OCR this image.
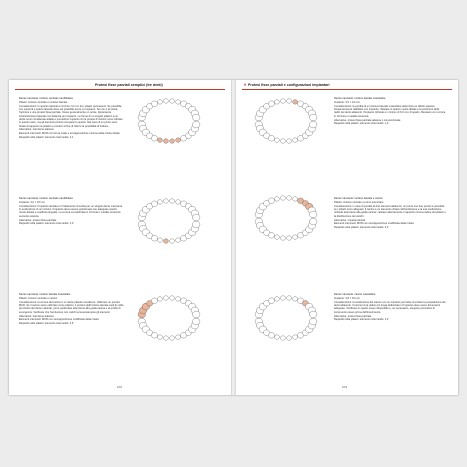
Protesi fisse parziali semplici (tre denti)

Dente mancante: incisivo centrale mandibolare

Pilastri: incisivo centrale e incisivo laterale

Considerazioni: lo spazio edentulo è di circa 7,0 mm tra i pilastri permanenti. Se possibile, con supporti e spazio laterale dove sia possibile avere un impianto. Se non è la scelta, l'opzione è una protesi fissa parziale. Usare generalmente un ponte, tipicamente incisivo/incisivo laterale con distanza per impianto. Le forme di un singolo pilastro a un dente sono considerate adatte e prevedono impianti con le protesi di incisivi come indicato in questo caso, ma gli elementi pontici occupano lo spazio. Nel caso di un ponte sono fissati al rapporto tra pilastro e pontico al fine di ridurre la possibilità di frattura.

Alternative: ritenzione adesiva

Elementi intermedi: MCR con forma ovale e sovrapposizione minima della cresta ridotta

Requisiti nella pilastri: elemento intermedio: 2,1

Dente mancante: incisivo centrale mandibolare

Impianto: 3,0 × 15 mm

Considerazioni: l'impianto dentale è il trattamento di scelta per un singolo dente mancante. In sostituzione di un incisivo, l'impianto deve essere posizionato con adeguato spazio mesio-distale e vestibolo-linguale. La corona va realizzata in zirconia o metallo-ceramica secondo estetica.

Alternative: protesi fissa parziale

Requisiti nella pilastri: elemento intermedio: 1,0

Dente mancante: incisivo laterale mascellare

Pilastri: incisivo centrale e canino

Considerazioni: la corona del canino è un dente pilastro eccellente. Utilizzare un pontico MCR. Se il canino viene utilizzato come pilastro, il pontico dell'incisivo laterale sarà di solito più stretto del dente naturale; porre particolare attenzione alla guida canina e al profilo di emergenza. Verificare che l'occlusione non carichi eccessivamente gli elementi.

Alternative: ritenzione adesiva

Elementi intermedi: MCR con sovrapposizione modificata della cresta

Requisiti nella pilastri: elemento intermedio: 2,5

102
9 Protesi fisse parziali e configurazioni implantari

Dente mancante: incisivo laterale mascellare

Impianto: 3,5 × 13 mm

Considerazioni: la perdita di un incisivo laterale mascellare determina un difetto estetico frequentemente riabilitato con impianto. Valutare lo spazio mesio-distale e la posizione delle radici dei denti adiacenti; l'impianto richiede un minimo di 6,0 mm di spazio. Restauro con corona in zirconia o metallo-ceramica.

Alternative: protesi fissa parziale adesiva o convenzionale

Requisiti nella pilastri: elemento intermedio: 1,0

Dente mancante: incisivo laterale e canino

Pilastri: incisivo centrale e primo premolare

Considerazioni: in caso di perdita di due elementi adiacenti, un ponte con due pontici è possibile se i pilastri sono adeguati. Il canino è un elemento chiave dell'occlusione e la sua sostituzione richiede attenzione alla guida canina; valutare attentamente il rapporto corona-radice dei pilastri e la distribuzione dei carichi.

Alternative: impianti dentali

Elementi intermedi: MCR con sovrapposizione modificata della cresta

Requisiti nella pilastri: elemento intermedio: 2,0

Dente mancante: canino mascellare

Impianto: 3,8 × 15 mm

Considerazioni: la sostituzione del canino con un impianto permette di evitare la preparazione dei denti adiacenti. Il canino ha la radice più lunga dell'arcata e l'impianto deve avere dimensioni adeguate. Verificare lo spazio osseo disponibile e, se necessario, eseguire procedure di incremento osseo prima dell'inserimento.

Alternative: protesi fissa parziale

Requisiti nella pilastri: elemento intermedio: 1,0

103
